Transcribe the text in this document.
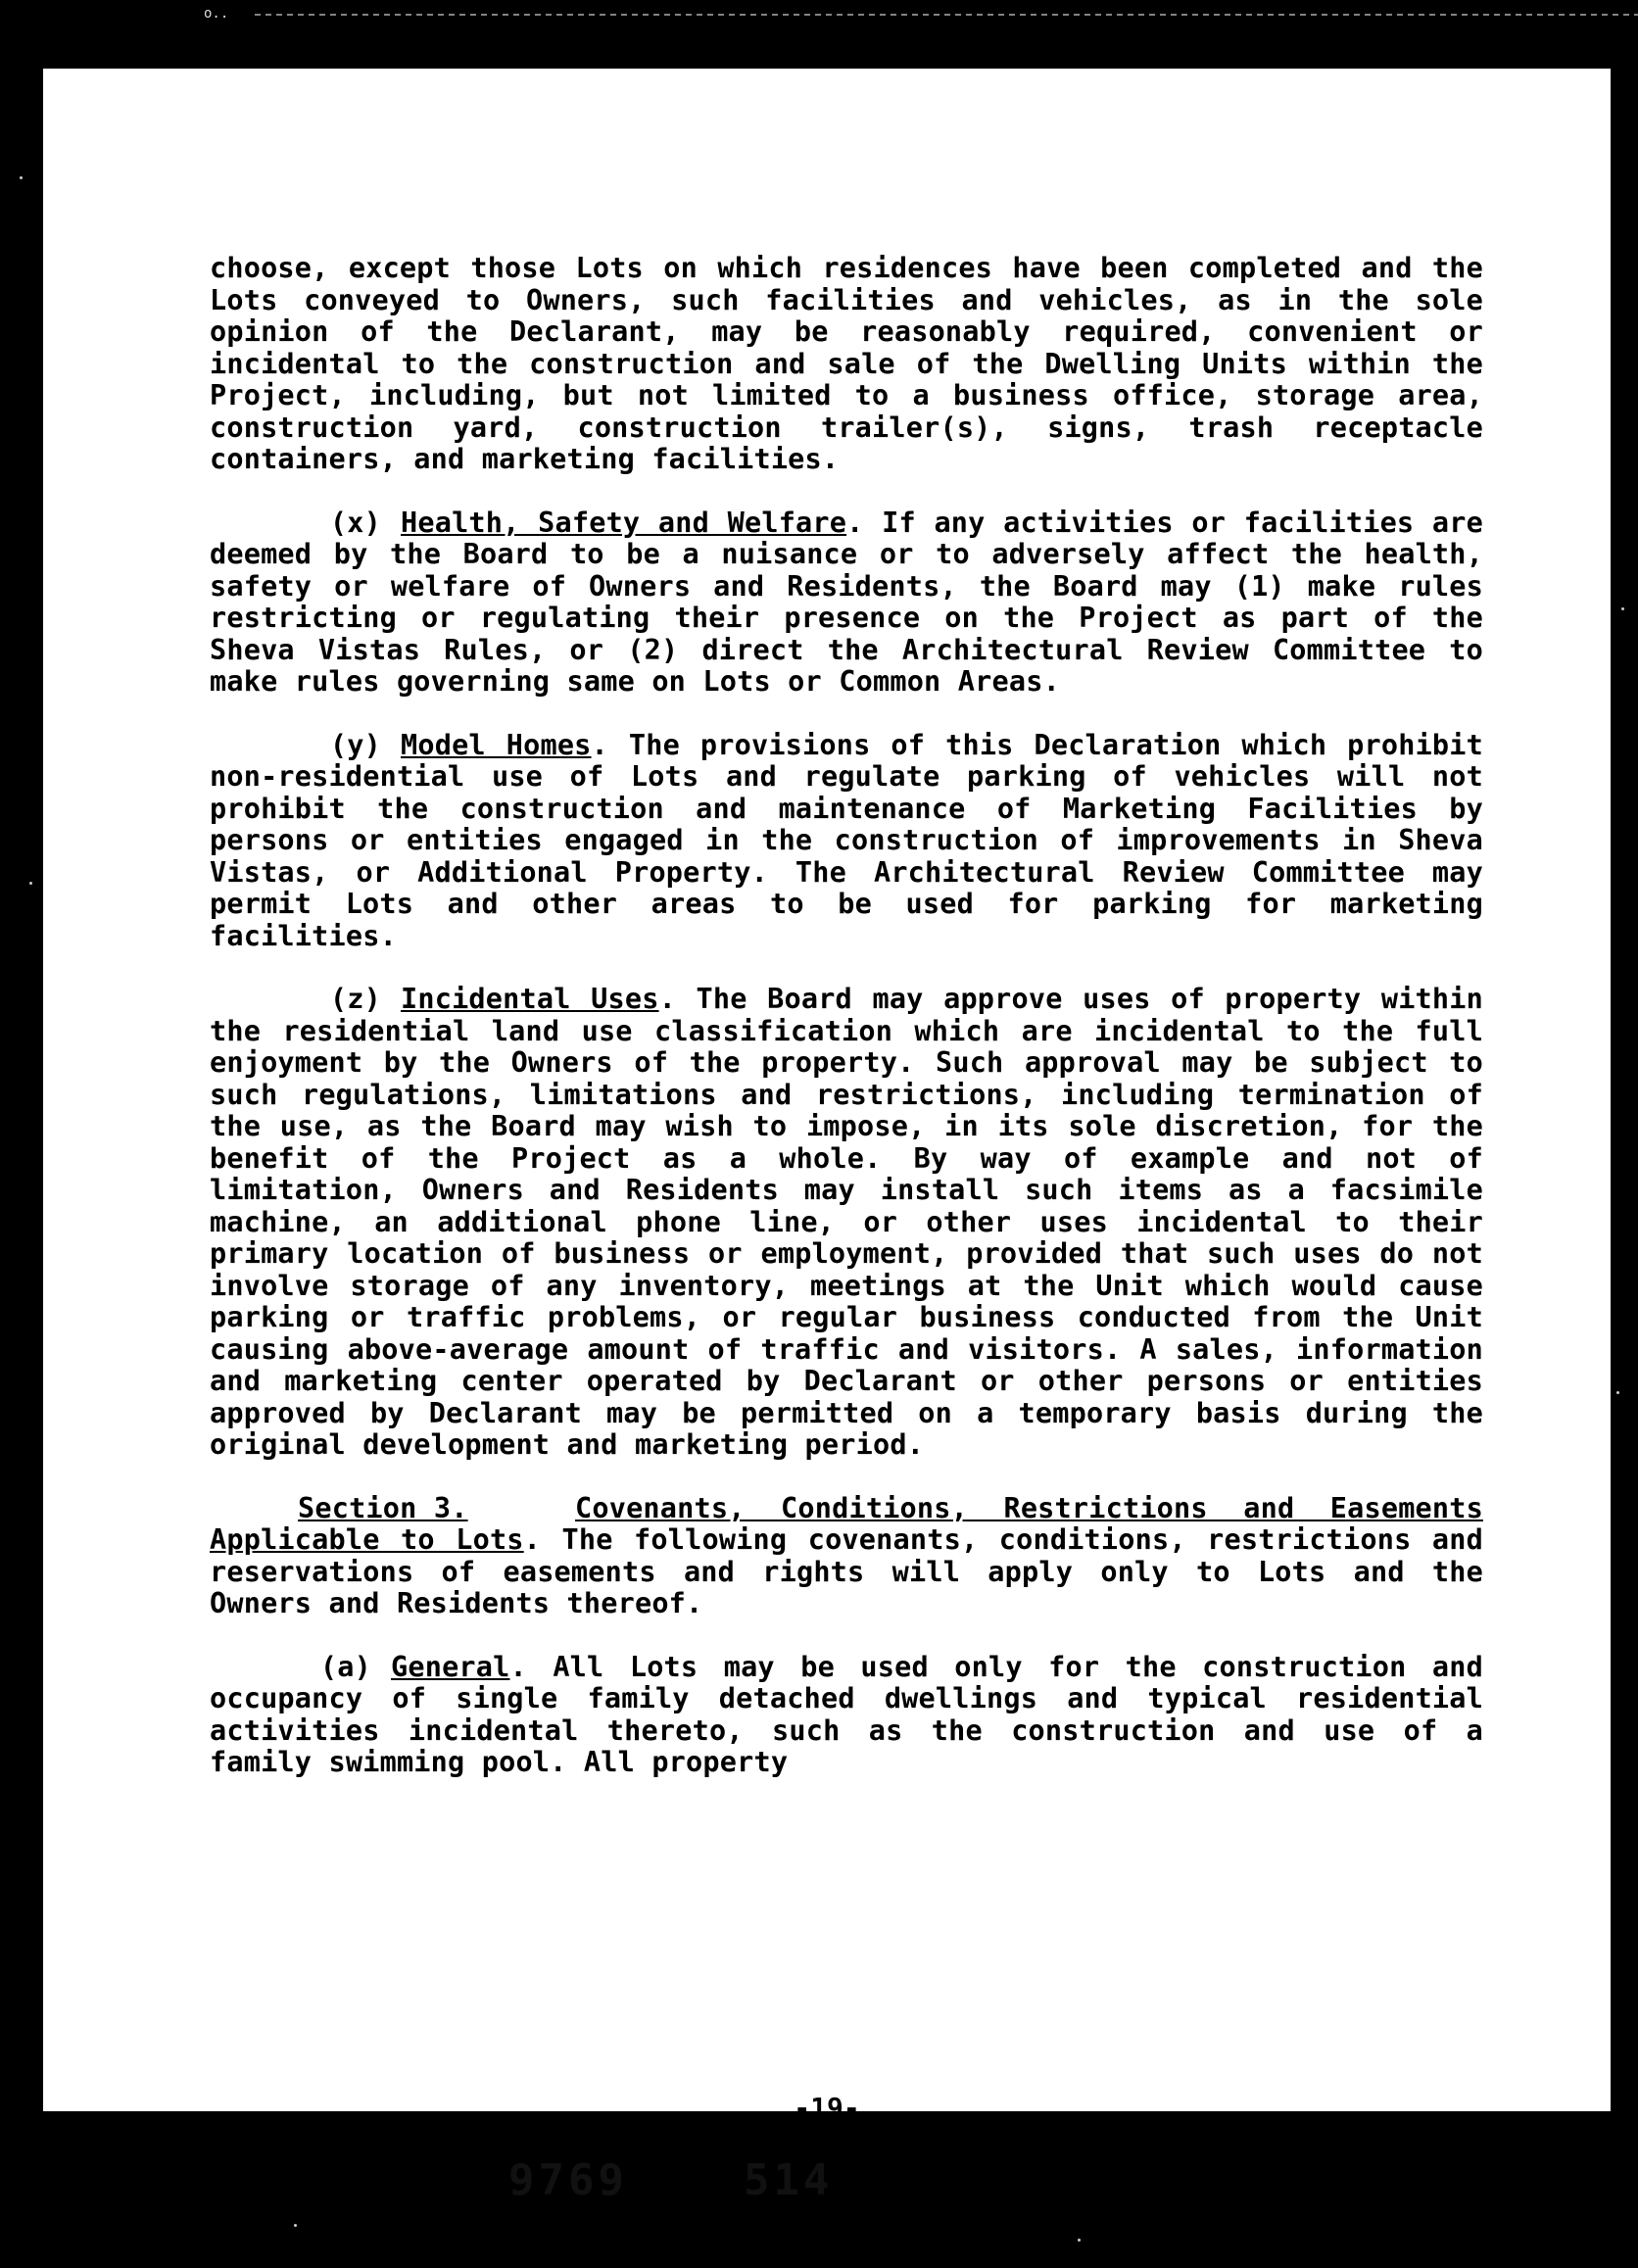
o..

choose, except those Lots on which residences have been completed and the Lots conveyed to Owners, such facilities and vehicles, as in the sole opinion of the Declarant, may be reasonably required, convenient or incidental to the construction and sale of the Dwelling Units within the Project, including, but not limited to a business office, storage area, construction yard, construction trailer(s), signs, trash receptacle containers, and marketing facilities.

(x) Health, Safety and Welfare. If any activities or facilities are deemed by the Board to be a nuisance or to adversely affect the health, safety or welfare of Owners and Residents, the Board may (1) make rules restricting or regulating their presence on the Project as part of the Sheva Vistas Rules, or (2) direct the Architectural Review Committee to make rules governing same on Lots or Common Areas.

(y) Model Homes. The provisions of this Declaration which prohibit non-residential use of Lots and regulate parking of vehicles will not prohibit the construction and maintenance of Marketing Facilities by persons or entities engaged in the construction of improvements in Sheva Vistas, or Additional Property. The Architectural Review Committee may permit Lots and other areas to be used for parking for marketing facilities.

(z) Incidental Uses. The Board may approve uses of property within the residential land use classification which are incidental to the full enjoyment by the Owners of the property. Such approval may be subject to such regulations, limitations and restrictions, including termination of the use, as the Board may wish to impose, in its sole discretion, for the benefit of the Project as a whole. By way of example and not of limitation, Owners and Residents may install such items as a facsimile machine, an additional phone line, or other uses incidental to their primary location of business or employment, provided that such uses do not involve storage of any inventory, meetings at the Unit which would cause parking or traffic problems, or regular business conducted from the Unit causing above-average amount of traffic and visitors. A sales, information and marketing center operated by Declarant or other persons or entities approved by Declarant may be permitted on a temporary basis during the original development and marketing period.

Section 3.	Covenants, Conditions, Restrictions and Easements Applicable to Lots. The following covenants, conditions, restrictions and reservations of easements and rights will apply only to Lots and the Owners and Residents thereof.

(a) General. All Lots may be used only for the construction and occupancy of single family detached dwellings and typical residential activities incidental thereto, such as the construction and use of a family swimming pool. All property

-19-
9769	514
